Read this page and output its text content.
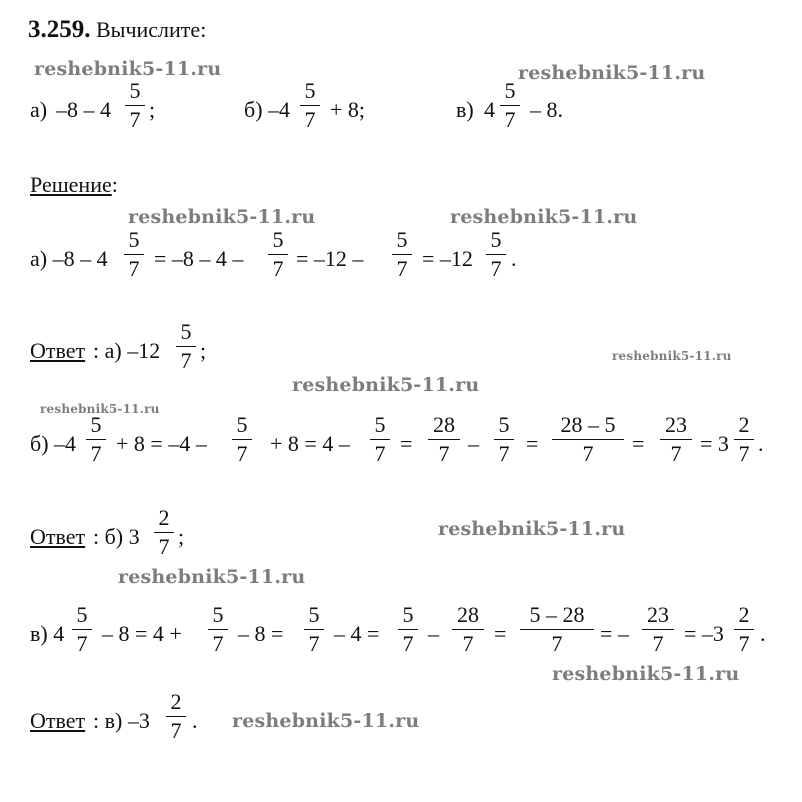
3.259. Вычислите:
reshebnik5-11.ru	reshebnik5-11.ru
reshebnik5-11.ru	reshebnik5-11.ru
reshebnik5-11.ru
reshebnik5-11.ru
reshebnik5-11.ru
reshebnik5-11.ru
reshebnik5-11.ru
reshebnik5-11.ru
reshebnik5-11.ru
а) –8 – 4
5
7 ;	б) –4
5
7 + 8;	в) 4
5
7 – 8.
Решение:
а) –8 – 4
5
7 = –8 – 4 –
5
7 = –12 –
5
7 = –12
5
7 .
Ответ : а) –12
5
7 ;
б) –4
5
7 + 8 = –4 –
5
7 + 8 = 4 –
5
7 =
28
7 –
5
7 =
28 – 5
7	=
23
7 = 3
2
7 .
Ответ : б) 3
2
7 ;
в) 4
5
7 – 8 = 4 +
5
7 – 8 =
5
7 – 4 =
5
7 –
28
7 =
5 – 28
7	= –
23
7 = –3
2
7 .
Ответ : в) –3
2
7 .
